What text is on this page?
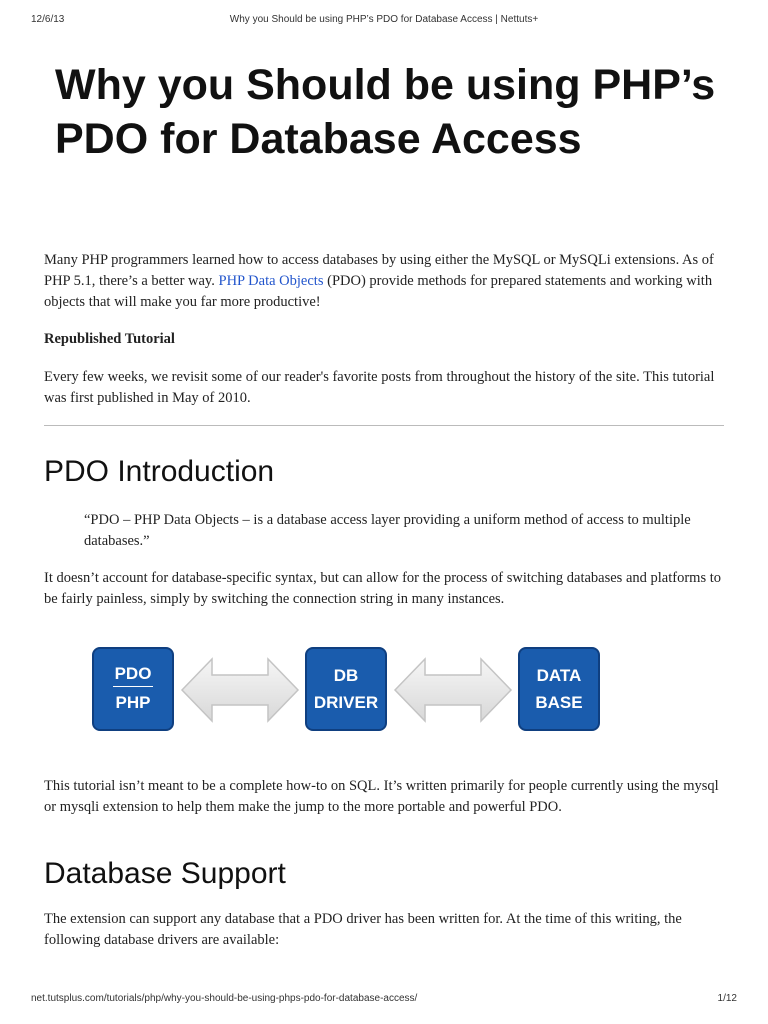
12/6/13	Why you Should be using PHP’s PDO for Database Access | Nettuts+
Why you Should be using PHP’s PDO for Database Access

Many PHP programmers learned how to access databases by using either the MySQL or MySQLi extensions. As of PHP 5.1, there’s a better way. PHP Data Objects (PDO) provide methods for prepared statements and working with objects that will make you far more productive!

Republished Tutorial

Every few weeks, we revisit some of our reader's favorite posts from throughout the history of the site. This tutorial was first published in May of 2010.

PDO Introduction

“PDO – PHP Data Objects – is a database access layer providing a uniform method of access to multiple databases.”

It doesn’t account for database-specific syntax, but can allow for the process of switching databases and platforms to be fairly painless, simply by switching the connection string in many instances.

PDO
PHP
DB
DRIVER
DATA
BASE

This tutorial isn’t meant to be a complete how-to on SQL. It’s written primarily for people currently using the mysql or mysqli extension to help them make the jump to the more portable and powerful PDO.

Database Support

The extension can support any database that a PDO driver has been written for. At the time of this writing, the following database drivers are available:

net.tutsplus.com/tutorials/php/why-you-should-be-using-phps-pdo-for-database-access/	1/12
